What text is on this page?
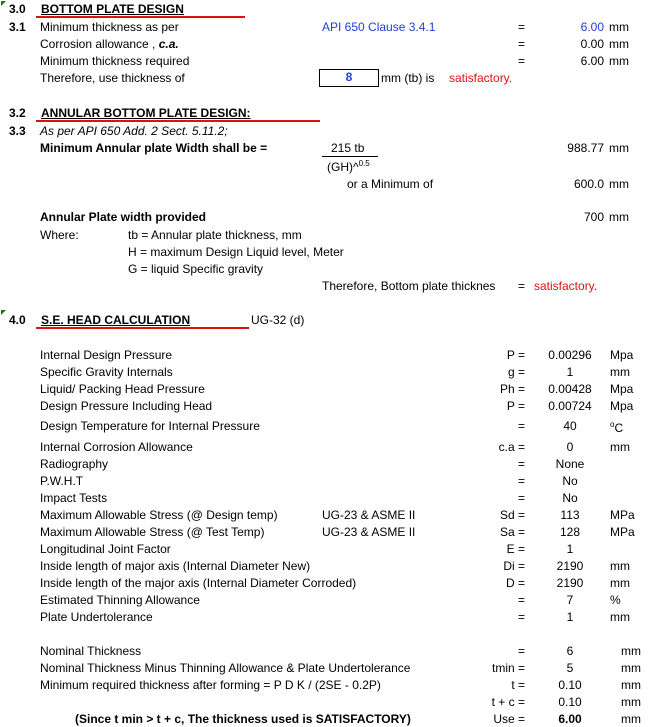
3.0 BOTTOM PLATE DESIGN
3.1 Minimum thickness as per	API 650 Clause 3.4.1	=	6.00 mm
Corrosion allowance , c.a.	=	0.00 mm
Minimum thickness required	=	6.00 mm
Therefore, use thickness of	8	mm (tb) is satisfactory.
3.2 ANNULAR BOTTOM PLATE DESIGN:
3.3 As per API 650 Add. 2 Sect. 5.11.2;
Minimum Annular plate Width shall be =	215 tb
(GH)^$^{0.5}$
988.77 mm
or a Minimum of	600.0 mm
Annular Plate width provided	700 mm
Where:	tb = Annular plate thickness, mm
H = maximum Design Liquid level, Meter
G = liquid Specific gravity
Therefore, Bottom plate thicknes	= satisfactory.
4.0 S.E. HEAD CALCULATION	UG-32 (d)
Internal Design Pressure	P =	0.00296	Mpa
Specific Gravity Internals	g =	1	mm
Liquid/ Packing Head Pressure	Ph =	0.00428	Mpa
Design Pressure Including Head	P =	0.00724	Mpa
Design Temperature for Internal Pressure	=	40	$^o$C
Internal Corrosion Allowance	c.a =	0	mm
Radiography	=	None
P.W.H.T	=	No
Impact Tests	=	No
Maximum Allowable Stress (@ Design temp)	UG-23 & ASME II	Sd =	113	MPa
Maximum Allowable Stress (@ Test Temp)	UG-23 & ASME II	Sa =	128	MPa
Longitudinal Joint Factor	E =	1
Inside length of major axis (Internal Diameter New)	Di =	2190	mm
Inside length of the major axis (Internal Diameter Corroded)	D =	2190	mm
Estimated Thinning Allowance	=	7	%
Plate Undertolerance	=	1	mm
Nominal Thickness	=	6	mm
Nominal Thickness Minus Thinning Allowance & Plate Undertolerance	tmin =	5	mm
Minimum required thickness after forming = P D K / (2SE - 0.2P)	t =	0.10	mm
t + c =	0.10	mm
(Since t min > t + c, The thickness used is SATISFACTORY)	Use =	6.00	mm
